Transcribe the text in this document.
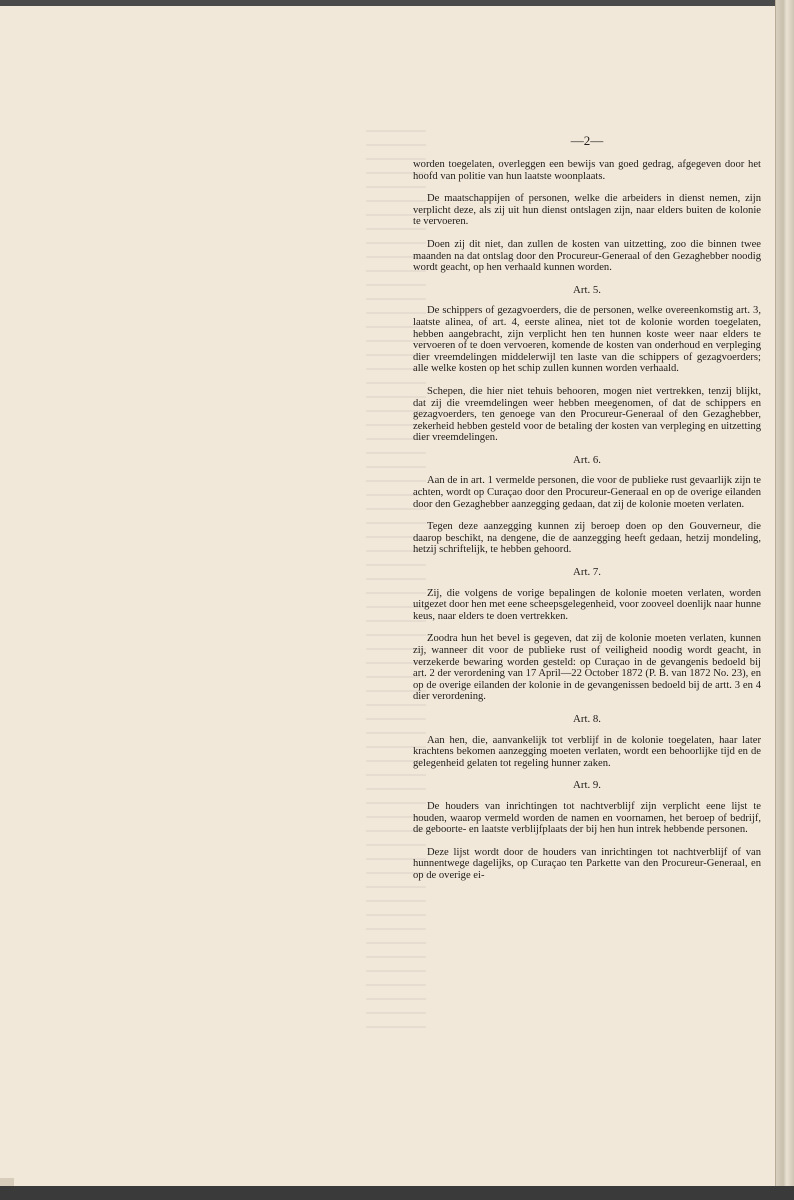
—2—

worden toegelaten, overleggen een bewijs van goed gedrag, afgegeven door het hoofd van politie van hun laatste woonplaats.

De maatschappijen of personen, welke die arbeiders in dienst nemen, zijn verplicht deze, als zij uit hun dienst ontslagen zijn, naar elders buiten de kolonie te vervoeren.

Doen zij dit niet, dan zullen de kosten van uitzetting, zoo die binnen twee maanden na dat ontslag door den Procureur-Generaal of den Gezaghebber noodig wordt geacht, op hen verhaald kunnen worden.

Art. 5.

De schippers of gezagvoerders, die de personen, welke overeenkomstig art. 3, laatste alinea, of art. 4, eerste alinea, niet tot de kolonie worden toegelaten, hebben aangebracht, zijn verplicht hen ten hunnen koste weer naar elders te vervoeren of te doen vervoeren, komende de kosten van onderhoud en verpleging dier vreemdelingen middelerwijl ten laste van die schippers of gezagvoerders; alle welke kosten op het schip zullen kunnen worden verhaald.

Schepen, die hier niet tehuis behooren, mogen niet vertrekken, tenzij blijkt, dat zij die vreemdelingen weer hebben meegenomen, of dat de schippers en gezagvoerders, ten genoege van den Procureur-Generaal of den Gezaghebber, zekerheid hebben gesteld voor de betaling der kosten van verpleging en uitzetting dier vreemdelingen.

Art. 6.

Aan de in art. 1 vermelde personen, die voor de publieke rust gevaarlijk zijn te achten, wordt op Curaçao door den Procureur-Generaal en op de overige eilanden door den Gezaghebber aanzegging gedaan, dat zij de kolonie moeten verlaten.

Tegen deze aanzegging kunnen zij beroep doen op den Gouverneur, die daarop beschikt, na dengene, die de aanzegging heeft gedaan, hetzij mondeling, hetzij schriftelijk, te hebben gehoord.

Art. 7.

Zij, die volgens de vorige bepalingen de kolonie moeten verlaten, worden uitgezet door hen met eene scheepsgelegenheid, voor zooveel doenlijk naar hunne keus, naar elders te doen vertrekken.

Zoodra hun het bevel is gegeven, dat zij de kolonie moeten verlaten, kunnen zij, wanneer dit voor de publieke rust of veiligheid noodig wordt geacht, in verzekerde bewaring worden gesteld: op Curaçao in de gevangenis bedoeld bij art. 2 der verordening van 17 April—22 October 1872 (P. B. van 1872 No. 23), en op de overige eilanden der kolonie in de gevangenissen bedoeld bij de artt. 3 en 4 dier verordening.

Art. 8.

Aan hen, die, aanvankelijk tot verblijf in de kolonie toegelaten, haar later krachtens bekomen aanzegging moeten verlaten, wordt een behoorlijke tijd en de gelegenheid gelaten tot regeling hunner zaken.

Art. 9.

De houders van inrichtingen tot nachtverblijf zijn verplicht eene lijst te houden, waarop vermeld worden de namen en voornamen, het beroep of bedrijf, de geboorte- en laatste verblijfplaats der bij hen hun intrek hebbende personen.

Deze lijst wordt door de houders van inrichtingen tot nachtverblijf of van hunnentwege dagelijks, op Curaçao ten Parkette van den Procureur-Generaal, en op de overige ei-
